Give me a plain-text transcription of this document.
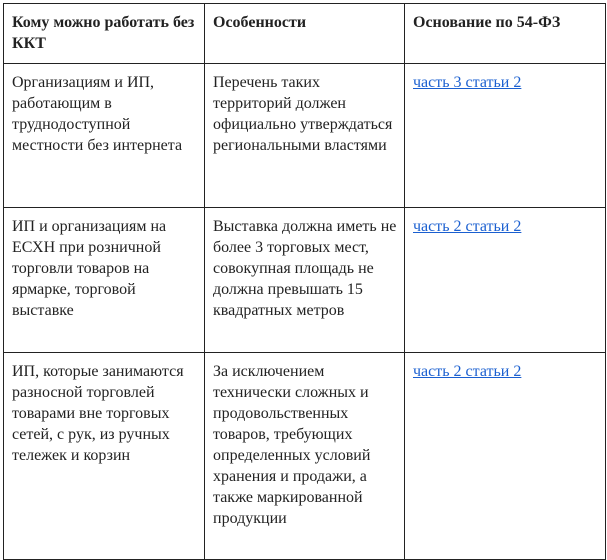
Кому можно работать без ККТ	Особенности	Основание по 54-ФЗ
Организациям и ИП, работающим в труднодоступной местности без интернета	Перечень таких территорий должен официально утверждаться региональными властями	часть 3 статьи 2
ИП и организациям на ЕСХН при розничной торговли товаров на ярмарке, торговой выставке	Выставка должна иметь не более 3 торговых мест, совокупная площадь не должна превышать 15 квадратных метров	часть 2 статьи 2
ИП, которые занимаются разносной торговлей товарами вне торговых сетей, с рук, из ручных тележек и корзин	За исключением технически сложных и продовольственных товаров, требующих определенных условий хранения и продажи, а также маркированной продукции	часть 2 статьи 2
